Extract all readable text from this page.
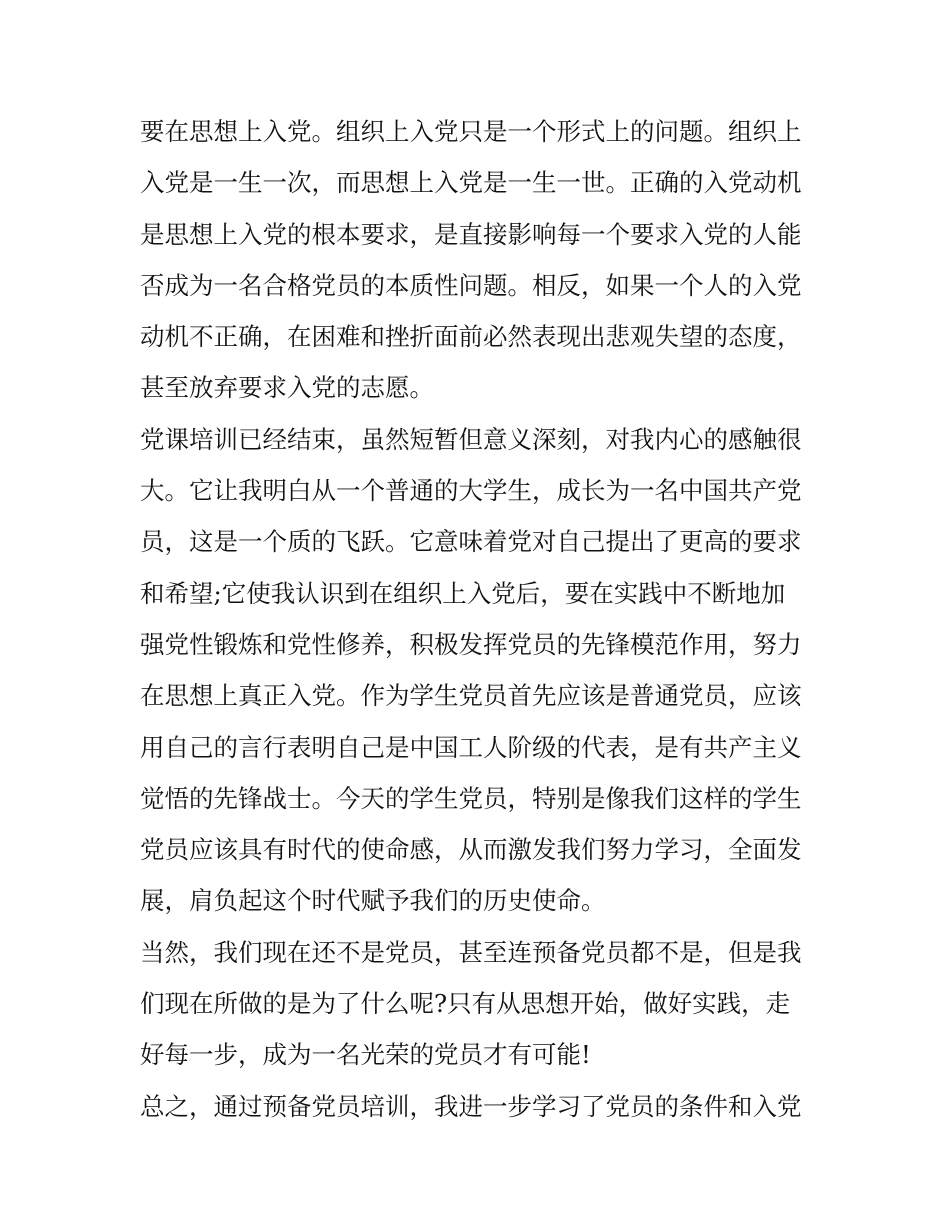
要在思想上入党。组织上入党只是一个形式上的问题。组织上
入党是一生一次，而思想上入党是一生一世。正确的入党动机
是思想上入党的根本要求，是直接影响每一个要求入党的人能
否成为一名合格党员的本质性问题。相反，如果一个人的入党
动机不正确，在困难和挫折面前必然表现出悲观失望的态度，
甚至放弃要求入党的志愿。
党课培训已经结束，虽然短暂但意义深刻，对我内心的感触很
大。它让我明白从一个普通的大学生，成长为一名中国共产党
员，这是一个质的飞跃。它意味着党对自己提出了更高的要求
和希望;它使我认识到在组织上入党后，要在实践中不断地加
强党性锻炼和党性修养，积极发挥党员的先锋模范作用，努力
在思想上真正入党。作为学生党员首先应该是普通党员，应该
用自己的言行表明自己是中国工人阶级的代表，是有共产主义
觉悟的先锋战士。今天的学生党员，特别是像我们这样的学生
党员应该具有时代的使命感，从而激发我们努力学习，全面发
展，肩负起这个时代赋予我们的历史使命。
当然，我们现在还不是党员，甚至连预备党员都不是，但是我
们现在所做的是为了什么呢?只有从思想开始，做好实践，走
好每一步，成为一名光荣的党员才有可能!
总之，通过预备党员培训，我进一步学习了党员的条件和入党
